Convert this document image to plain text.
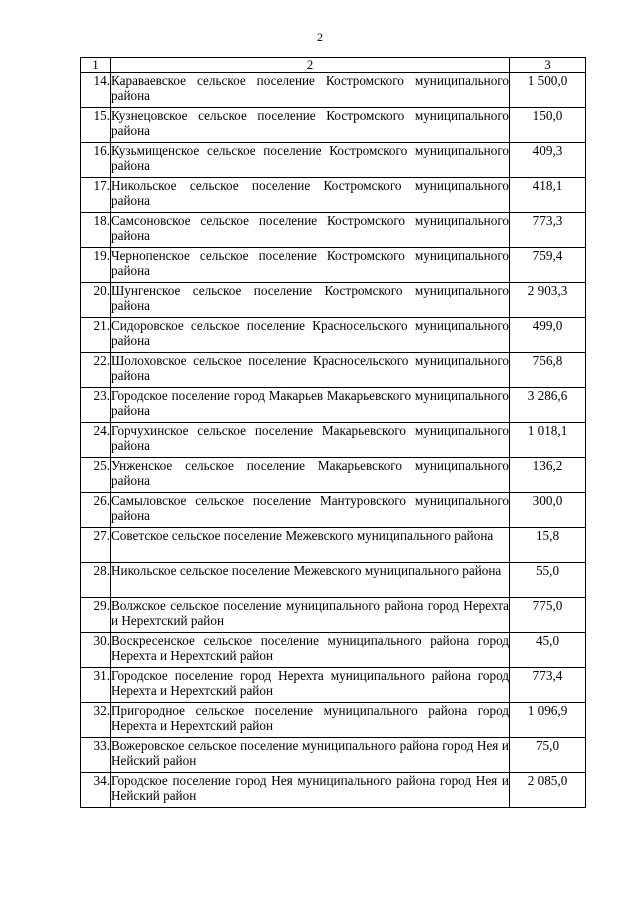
2
1	2	3
14.	Караваевское сельское поселение Костромского муниципального района	1 500,0
15.	Кузнецовское сельское поселение Костромского муниципального района	150,0
16.	Кузьмищенское сельское поселение Костромского муниципального района	409,3
17.	Никольское сельское поселение Костромского муниципального района	418,1
18.	Самсоновское сельское поселение Костромского муниципального района	773,3
19.	Чернопенское сельское поселение Костромского муниципального района	759,4
20.	Шунгенское сельское поселение Костромского муниципального района	2 903,3
21.	Сидоровское сельское поселение Красносельского муниципального района	499,0
22.	Шолоховское сельское поселение Красносельского муниципального района	756,8
23.	Городское поселение город Макарьев Макарьевского муниципального района	3 286,6
24.	Горчухинское сельское поселение Макарьевского муниципального района	1 018,1
25.	Унженское сельское поселение Макарьевского муниципального района	136,2
26.	Самыловское сельское поселение Мантуровского муниципального района	300,0
27.	Советское сельское поселение Межевского муниципального района	15,8
28.	Никольское сельское поселение Межевского муниципального района	55,0
29.	Волжское сельское поселение муниципального района город Нерехта и Нерехтский район	775,0
30.	Воскресенское сельское поселение муниципального района город Нерехта и Нерехтский район	45,0
31.	Городское поселение город Нерехта муниципального района город Нерехта и Нерехтский район	773,4
32.	Пригородное сельское поселение муниципального района город Нерехта и Нерехтский район	1 096,9
33.	Вожеровское сельское поселение муниципального района город Нея и Нейский район	75,0
34.	Городское поселение город Нея муниципального района город Нея и Нейский район	2 085,0
